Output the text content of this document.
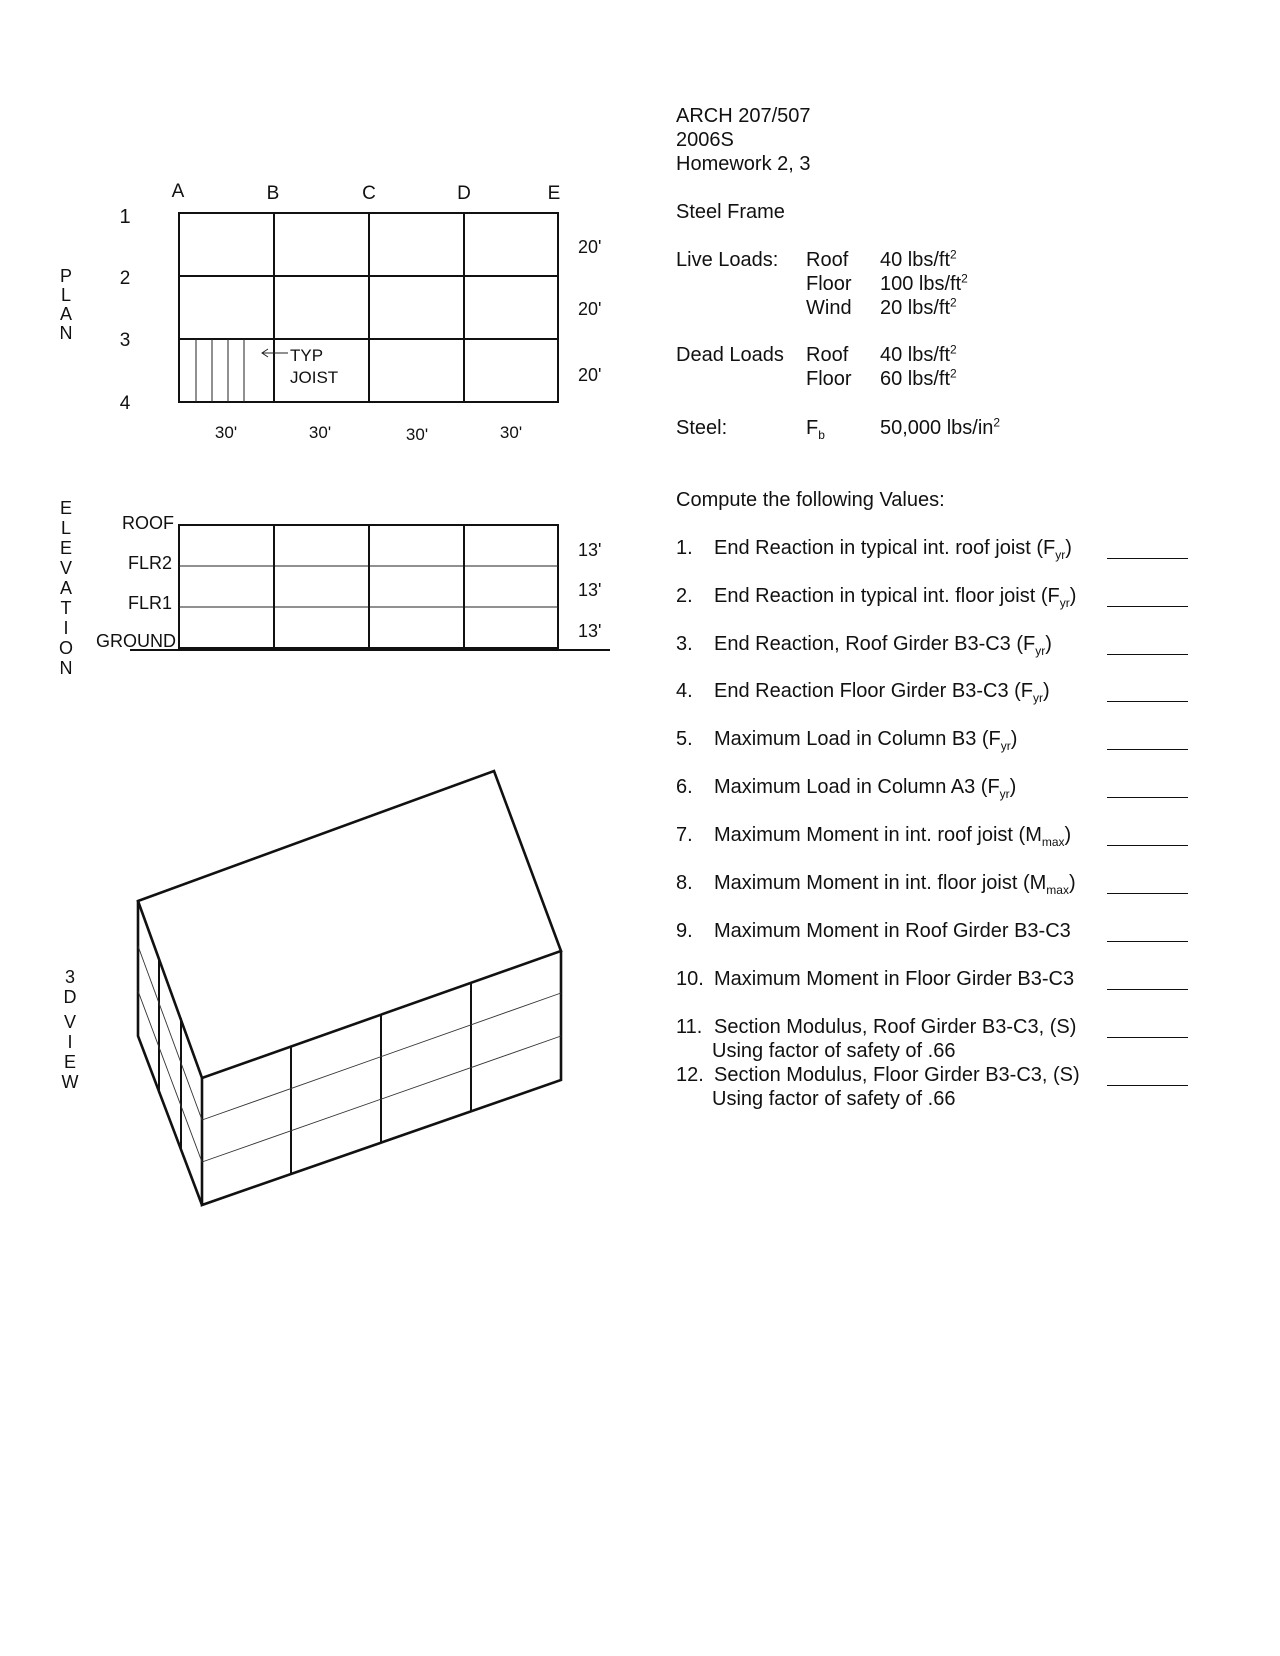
P
L
A
N
A	B	C	D	E
1
2
3
4
TYP
JOIST
20'
20'
20'
30'	30'	30'	30'
E
L
E
V
A
T
I
O
N
ROOF
FLR2
FLR1
GROUND
13'
13'
13'
3
D
V
I
E
W
ARCH 207/507
2006S
Homework 2, 3
Steel Frame
Live Loads: Roof 40 lbs/$ft^2$
Floor 100 lbs/$ft^2$
Wind 20 lbs/$ft^2$
Dead Loads Roof 40 lbs/$ft^2$
Floor 60 lbs/$ft^2$
Steel:	$F_b$	50,000 lbs/$in^2$
Compute the following Values:
1. End Reaction in typical int. roof joist $(F_{yr})$
2. End Reaction in typical int. floor joist $(F_{yr})$
3. End Reaction, Roof Girder B3-C3 $(F_{yr})$
4. End Reaction Floor Girder B3-C3 $(F_{yr})$
5. Maximum Load in Column B3 $(F_{yr})$
6. Maximum Load in Column A3 $(F_{yr})$
7. Maximum Moment in int. roof joist $(M_{max})$
8. Maximum Moment in int. floor joist $(M_{max})$
9. Maximum Moment in Roof Girder B3-C3
10. Maximum Moment in Floor Girder B3-C3
11. Section Modulus, Roof Girder B3-C3, (S)
Using factor of safety of .66
12. Section Modulus, Floor Girder B3-C3, (S)
Using factor of safety of .66
